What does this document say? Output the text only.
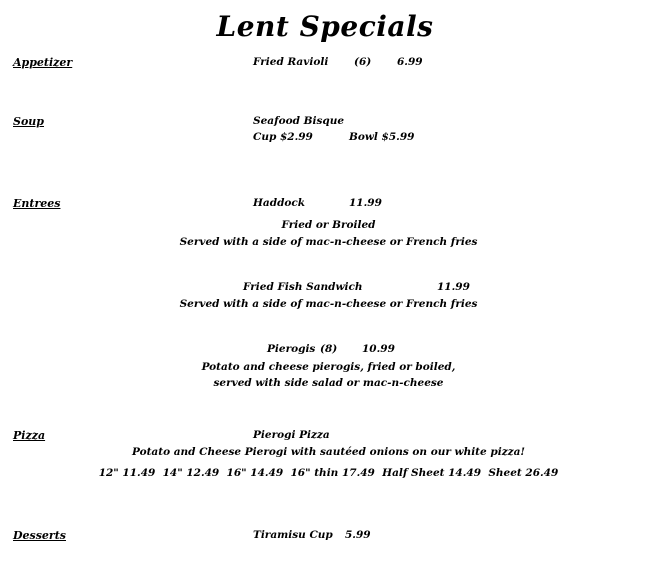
Lent Specials
Appetizer	Fried Ravioli (6) 6.99
Soup	Seafood Bisque
Cup $2.99	Bowl $5.99
Entrees	Haddock	11.99
Fried or Broiled
Served with a side of mac-n-cheese or French fries
Fried Fish Sandwich	11.99
Served with a side of mac-n-cheese or French fries
Pierogis (8) 10.99
Potato and cheese pierogis, fried or boiled,
served with side salad or mac-n-cheese
Pizza	Pierogi Pizza
Potato and Cheese Pierogi with sautéed onions on our white pizza!
12" 11.49  14" 12.49  16" 14.49  16" thin 17.49  Half Sheet 14.49  Sheet 26.49
Desserts	Tiramisu Cup 5.99
